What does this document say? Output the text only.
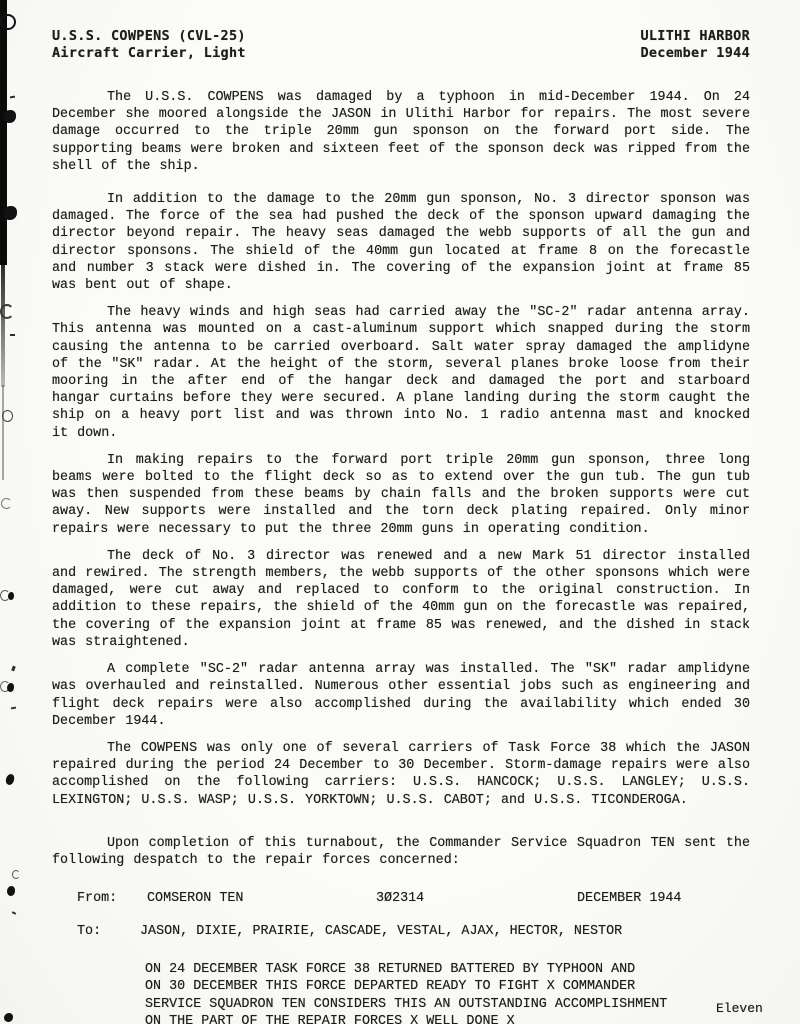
U.S.S. COWPENS (CVL-25)
Aircraft Carrier, Light
ULITHI HARBOR
December 1944

The U.S.S. COWPENS was damaged by a typhoon in mid-December 1944. On 24 December she moored alongside the JASON in Ulithi Harbor for repairs. The most severe damage occurred to the triple 20mm gun sponson on the forward port side. The supporting beams were broken and sixteen feet of the sponson deck was ripped from the shell of the ship.

In addition to the damage to the 20mm gun sponson, No. 3 director sponson was damaged. The force of the sea had pushed the deck of the sponson upward damaging the director beyond repair. The heavy seas damaged the webb supports of all the gun and director sponsons. The shield of the 40mm gun located at frame 8 on the forecastle and number 3 stack were dished in. The covering of the expansion joint at frame 85 was bent out of shape.

The heavy winds and high seas had carried away the "SC-2" radar antenna array. This antenna was mounted on a cast-aluminum support which snapped during the storm causing the antenna to be carried overboard. Salt water spray damaged the amplidyne of the "SK" radar. At the height of the storm, several planes broke loose from their mooring in the after end of the hangar deck and damaged the port and starboard hangar curtains before they were secured. A plane landing during the storm caught the ship on a heavy port list and was thrown into No. 1 radio antenna mast and knocked it down.

In making repairs to the forward port triple 20mm gun sponson, three long beams were bolted to the flight deck so as to extend over the gun tub. The gun tub was then suspended from these beams by chain falls and the broken supports were cut away. New supports were installed and the torn deck plating repaired. Only minor repairs were necessary to put the three 20mm guns in operating condition.

The deck of No. 3 director was renewed and a new Mark 51 director installed and rewired. The strength members, the webb supports of the other sponsons which were damaged, were cut away and replaced to conform to the original construction. In addition to these repairs, the shield of the 40mm gun on the forecastle was repaired, the covering of the expansion joint at frame 85 was renewed, and the dished in stack was straightened.

A complete "SC-2" radar antenna array was installed. The "SK" radar amplidyne was overhauled and reinstalled. Numerous other essential jobs such as engineering and flight deck repairs were also accomplished during the availability which ended 30 December 1944.

The COWPENS was only one of several carriers of Task Force 38 which the JASON repaired during the period 24 December to 30 December. Storm-damage repairs were also accomplished on the following carriers: U.S.S. HANCOCK; U.S.S. LANGLEY; U.S.S. LEXINGTON; U.S.S. WASP; U.S.S. YORKTOWN; U.S.S. CABOT; and U.S.S. TICONDEROGA.

Upon completion of this turnabout, the Commander Service Squadron TEN sent the following despatch to the repair forces concerned:

From: COMSERON TEN	3Ø2314	DECEMBER 1944
To:	JASON, DIXIE, PRAIRIE, CASCADE, VESTAL, AJAX, HECTOR, NESTOR
ON 24 DECEMBER TASK FORCE 38 RETURNED BATTERED BY TYPHOON AND
ON 30 DECEMBER THIS FORCE DEPARTED READY TO FIGHT X COMMANDER
SERVICE SQUADRON TEN CONSIDERS THIS AN OUTSTANDING ACCOMPLISHMENT
ON THE PART OF THE REPAIR FORCES X WELL DONE X
Eleven
